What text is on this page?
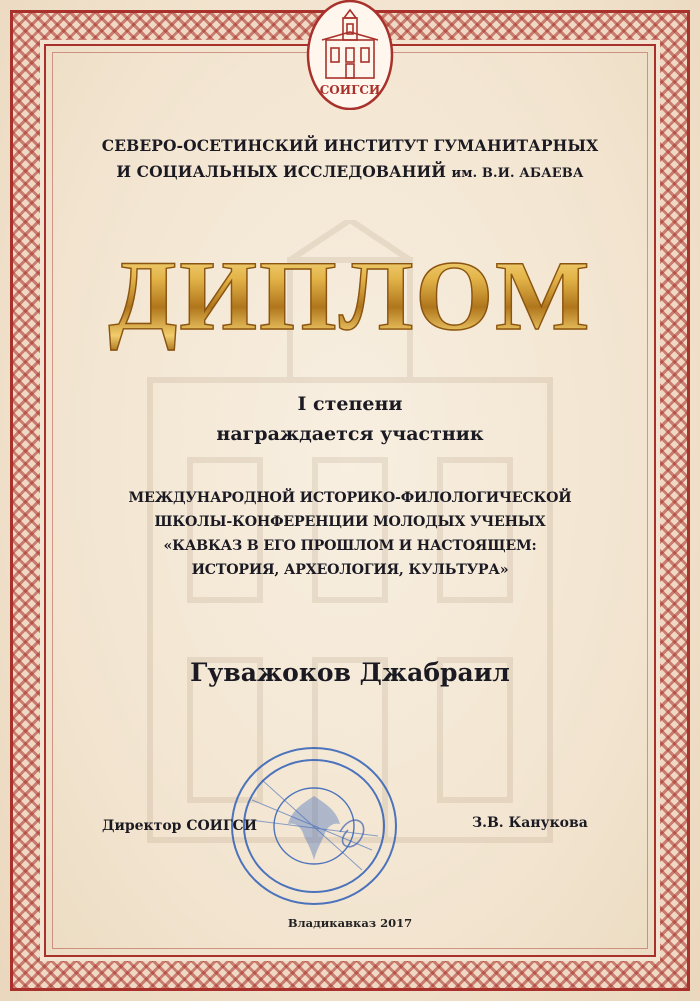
СОИГСИ
СЕВЕРО-ОСЕТИНСКИЙ ИНСТИТУТ ГУМАНИТАРНЫХ
И СОЦИАЛЬНЫХ ИССЛЕДОВАНИЙ им. В.И. АБАЕВА
ДИПЛОМ
I степени
награждается участник
МЕЖДУНАРОДНОЙ ИСТОРИКО-ФИЛОЛОГИЧЕСКОЙ
ШКОЛЫ-КОНФЕРЕНЦИИ МОЛОДЫХ УЧЕНЫХ
«КАВКАЗ В ЕГО ПРОШЛОМ И НАСТОЯЩЕМ:
ИСТОРИЯ, АРХЕОЛОГИЯ, КУЛЬТУРА»
Гуважоков Джабраил
Директор СОИГСИ	З.В. Канукова
Владикавказ 2017
